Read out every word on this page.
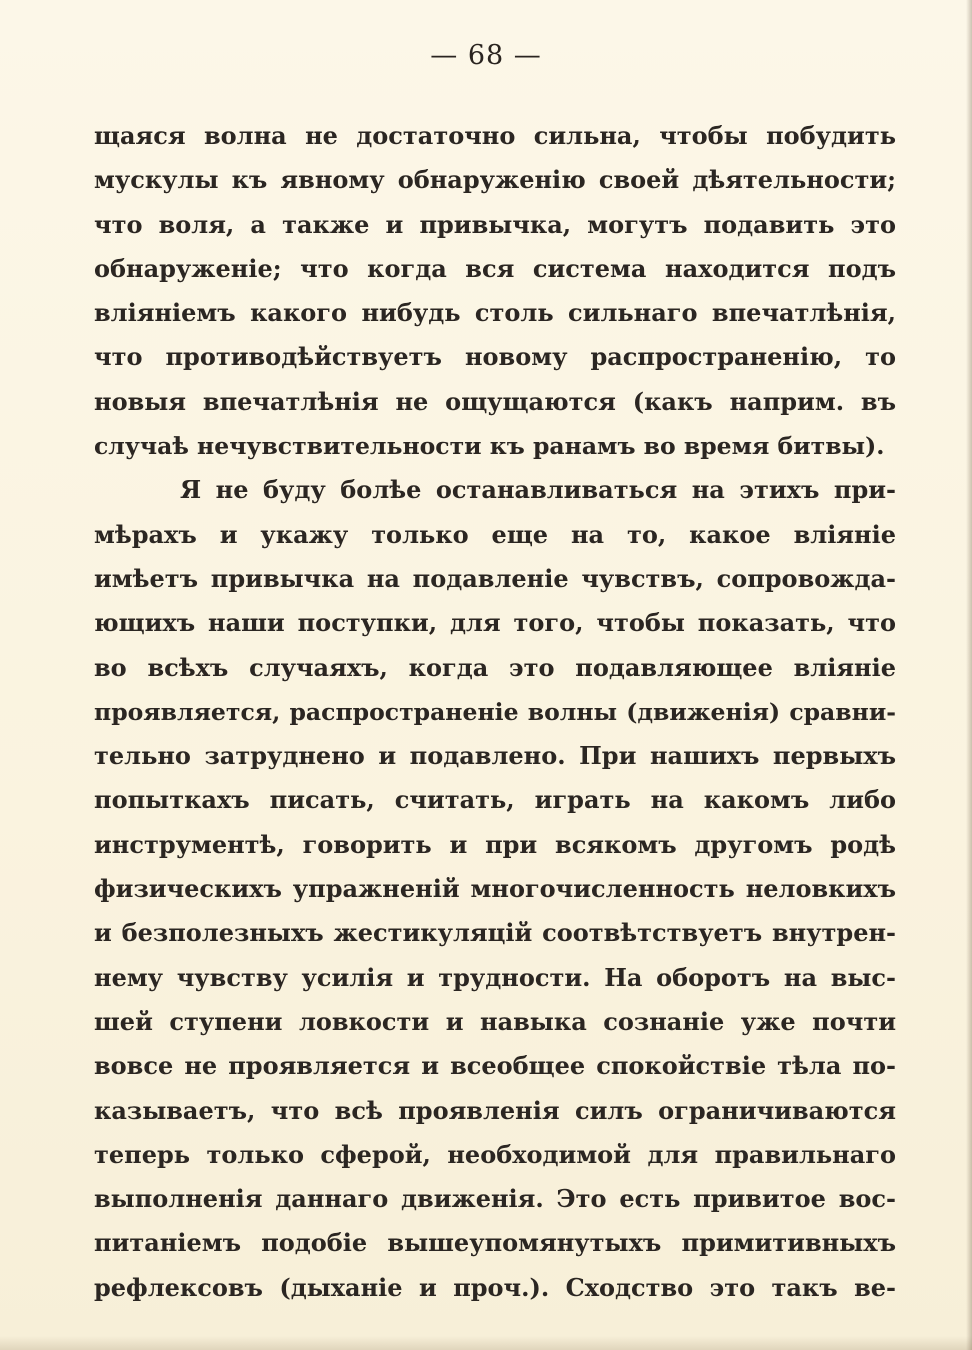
— 68 —
щаяся волна не достаточно сильна, чтобы побудить
мускулы къ явному обнаруженію своей дѣятельности;
что воля, а также и привычка, могутъ подавить это
обнаруженіе; что когда вся система находится подъ
вліяніемъ какого нибудь столь сильнаго впечатлѣнія,
что противодѣйствуетъ новому распространенію, то
новыя впечатлѣнія не ощущаются (какъ наприм. въ
случаѣ нечувствительности къ ранамъ во время битвы).
Я не буду болѣе останавливаться на этихъ при-
мѣрахъ и укажу только еще на то, какое вліяніе
имѣетъ привычка на подавленіе чувствъ, сопровожда-
ющихъ наши поступки, для того, чтобы показать, что
во всѣхъ случаяхъ, когда это подавляющее вліяніе
проявляется, распространеніе волны (движенія) сравни-
тельно затруднено и подавлено. При нашихъ первыхъ
попыткахъ писать, считать, играть на какомъ либо
инструментѣ, говорить и при всякомъ другомъ родѣ
физическихъ упражненій многочисленность неловкихъ
и безполезныхъ жестикуляцій соотвѣтствуетъ внутрен-
нему чувству усилія и трудности. На оборотъ на выс-
шей ступени ловкости и навыка сознаніе уже почти
вовсе не проявляется и всеобщее спокойствіе тѣла по-
казываетъ, что всѣ проявленія силъ ограничиваются
теперь только сферой, необходимой для правильнаго
выполненія даннаго движенія. Это есть привитое вос-
питаніемъ подобіе вышеупомянутыхъ примитивныхъ
рефлексовъ (дыханіе и проч.). Сходство это такъ ве-
